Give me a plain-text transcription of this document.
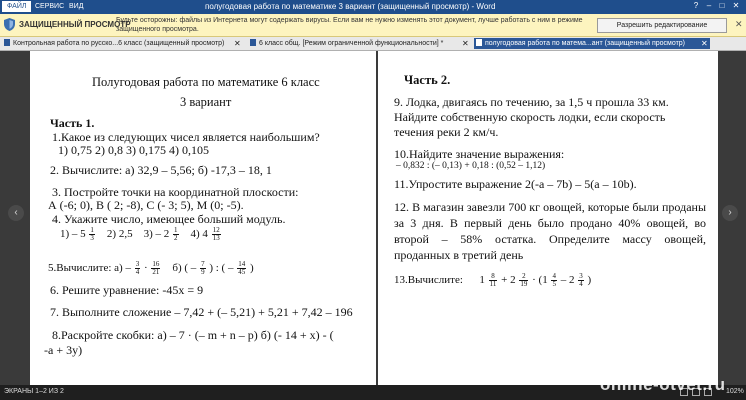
ФАЙЛ	СЕРВИС ВИД	полугодовая работа по математике 3 вариант (защищенный просмотр) - Word	?	–	□	✕
ЗАЩИЩЕННЫЙ ПРОСМОТР
Будьте осторожны: файлы из Интернета могут содержать вирусы. Если вам не нужно изменять этот документ, лучше работать с ним в режиме защищенного просмотра.
Разрешить редактирование	✕
Контрольная работа по русско...6 класс (защищенный просмотр) ✕	6 класс общ. [Режим ограниченной функциональности] * ✕	полугодовая работа по матема...ант (защищенный просмотр) ✕
‹	›
Полугодовая работа по математике 6 класс
3 вариант
Часть 1.
1.Какое из следующих чисел является наибольшим?
1) 0,75 2) 0,8 3) 0,175 4) 0,105
2. Вычислите: а) 32,9 – 5,56; б) -17,3 – 18, 1
3. Постройте точки на координатной плоскости:
А (-6; 0), В ( 2; -8), С (- 3; 5), М (0; -5).
4. Укажите число, имеющее больший модуль.
$1) - 5 \frac{1}{3} 2$) 2,5 $3) - 2 \frac{1}{2} 4$) $4 \frac{12}{13}$
5.Вычислите: $а) - \frac{3}{4} \cdot \frac{16}{21} б$) ( – $\frac{7}{9}$ ) : ( – $\frac{14}{45}$ )
6. Решите уравнение: -45х = 9
7. Выполните сложение – 7,42 + (– 5,21) + 5,21 + 7,42 – 196
8.Раскройте скобки: а) – 7 · (– m + n – p) б) (- 14 + х) - (
-а + 3у)
Часть 2.
9. Лодка, двигаясь по течению, за 1,5 ч прошла 33 км. Найдите собственную скорость лодки, если скорость течения реки 2 км/ч.
10.Найдите значение выражения:
– 0,832 : (– 0,13) + 0,18 : (0,52 – 1,12)
11.Упростите выражение 2(-а – 7b) – 5(а – 10b).
12. В магазин завезли 700 кг овощей, которые были проданы за 3 дня. В первый день было продано 40% овощей, во второй – 58% остатка. Определите массу овощей, проданных в третий день
13.Вычислите: $1 \frac{8}{11} + 2 \frac{2}{19} \cdot (1 \frac{4}{5} - 2 \frac{3}{4}$ )
ЭКРАНЫ 1–2 ИЗ 2	102%
online-otvet.ru
